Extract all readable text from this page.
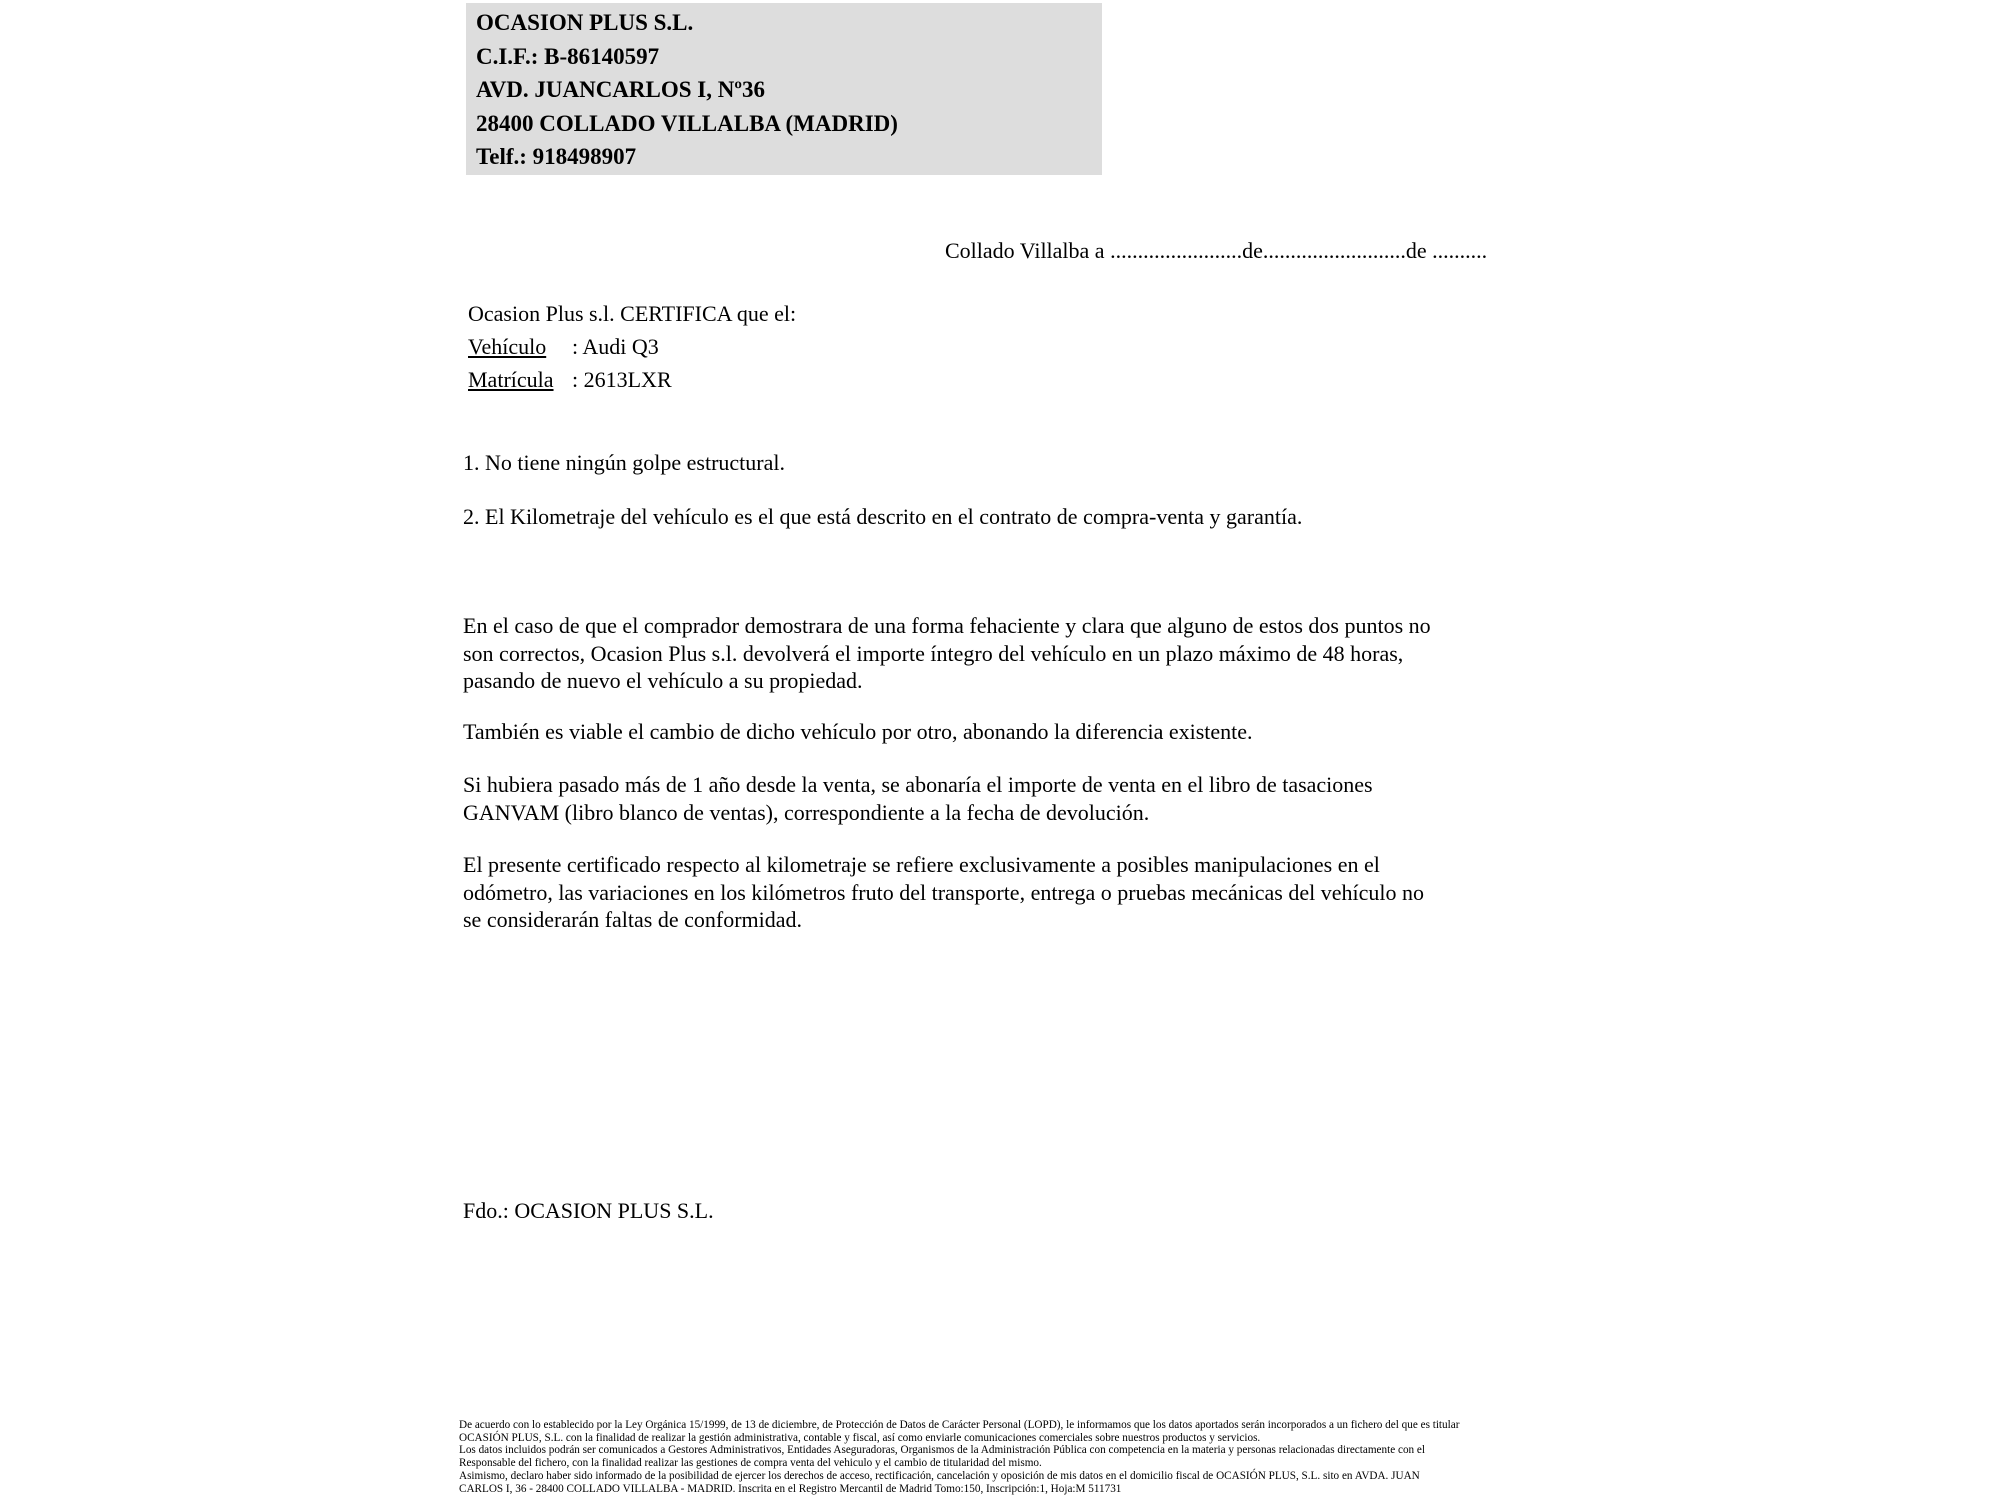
OCASION PLUS S.L.
C.I.F.: B-86140597
AVD. JUANCARLOS I, Nº36
28400 COLLADO VILLALBA (MADRID)
Telf.: 918498907
Collado Villalba a ........................de..........................de ..........
Ocasion Plus s.l. CERTIFICA que el:
Vehículo : Audi Q3
Matrícula : 2613LXR
1. No tiene ningún golpe estructural.
2. El Kilometraje del vehículo es el que está descrito en el contrato de compra-venta y garantía.
En el caso de que el comprador demostrara de una forma fehaciente y clara que alguno de estos dos puntos no
son correctos, Ocasion Plus s.l. devolverá el importe íntegro del vehículo en un plazo máximo de 48 horas,
pasando de nuevo el vehículo a su propiedad.
También es viable el cambio de dicho vehículo por otro, abonando la diferencia existente.
Si hubiera pasado más de 1 año desde la venta, se abonaría el importe de venta en el libro de tasaciones
GANVAM (libro blanco de ventas), correspondiente a la fecha de devolución.
El presente certificado respecto al kilometraje se refiere exclusivamente a posibles manipulaciones en el
odómetro, las variaciones en los kilómetros fruto del transporte, entrega o pruebas mecánicas del vehículo no
se considerarán faltas de conformidad.
Fdo.: OCASION PLUS S.L.
De acuerdo con lo establecido por la Ley Orgánica 15/1999, de 13 de diciembre, de Protección de Datos de Carácter Personal (LOPD), le informamos que los datos aportados serán incorporados a un fichero del que es titular
OCASIÓN PLUS, S.L. con la finalidad de realizar la gestión administrativa, contable y fiscal, así como enviarle comunicaciones comerciales sobre nuestros productos y servicios.
Los datos incluidos podrán ser comunicados a Gestores Administrativos, Entidades Aseguradoras, Organismos de la Administración Pública con competencia en la materia y personas relacionadas directamente con el
Responsable del fichero, con la finalidad realizar las gestiones de compra venta del vehiculo y el cambio de titularidad del mismo.
Asimismo, declaro haber sido informado de la posibilidad de ejercer los derechos de acceso, rectificación, cancelación y oposición de mis datos en el domicilio fiscal de OCASIÓN PLUS, S.L. sito en AVDA. JUAN
CARLOS I, 36 - 28400 COLLADO VILLALBA - MADRID. Inscrita en el Registro Mercantil de Madrid Tomo:150, Inscripción:1, Hoja:M 511731
